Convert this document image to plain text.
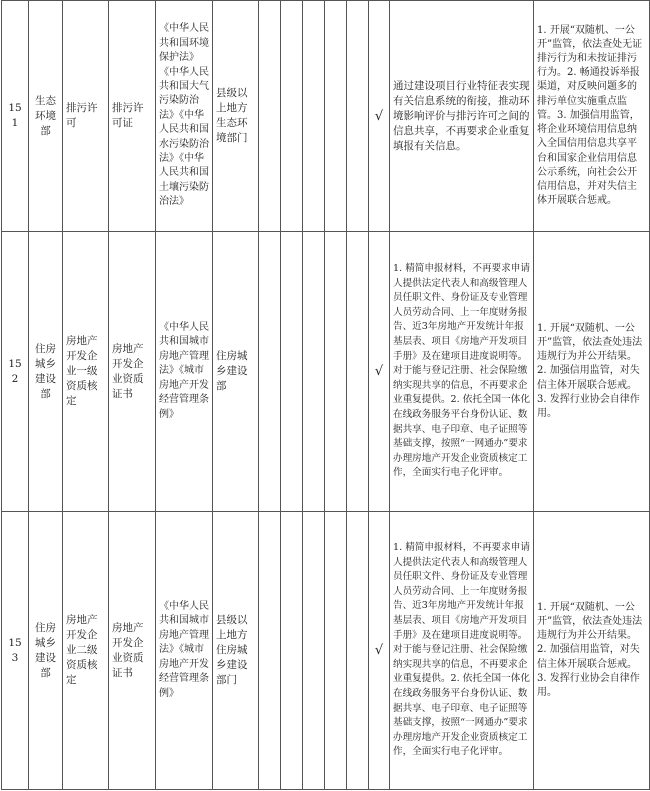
151	生态环境部	排污许可	排污许可证	《中华人民共和国环境保护法》《中华人民共和国大气污染防治法》《中华人民共和国水污染防治法》《中华人民共和国土壤污染防治法》	县级以上地方生态环境部门						√	通过建设项目行业特征表实现有关信息系统的衔接，推动环境影响评价与排污许可之间的信息共享，不再要求企业重复填报有关信息。	1. 开展“双随机、一公开”监管，依法查处无证排污行为和未按证排污行为。2. 畅通投诉举报渠道，对反映问题多的排污单位实施重点监管。3. 加强信用监管，将企业环境信用信息纳入全国信用信息共享平台和国家企业信用信息公示系统，向社会公开信用信息，并对失信主体开展联合惩戒。
152	住房城乡建设部	房地产开发企业一级资质核定	房地产开发企业资质证书	《中华人民共和国城市房地产管理法》《城市房地产开发经营管理条例》	住房城乡建设部						√	1. 精简申报材料，不再要求申请人提供法定代表人和高级管理人员任职文件、身份证及专业管理人员劳动合同、上一年度财务报告、近3年房地产开发统计年报基层表、项目《房地产开发项目手册》及在建项目进度说明等。对于能与登记注册、社会保险缴纳实现共享的信息，不再要求企业重复提供。2. 依托全国一体化在线政务服务平台身份认证、数据共享、电子印章、电子证照等基础支撑，按照“一网通办”要求办理房地产开发企业资质核定工作，全面实行电子化评审。	1. 开展“双随机、一公开”监管，依法查处违法违规行为并公开结果。2. 加强信用监管，对失信主体开展联合惩戒。3. 发挥行业协会自律作用。
153	住房城乡建设部	房地产开发企业二级资质核定	房地产开发企业资质证书	《中华人民共和国城市房地产管理法》《城市房地产开发经营管理条例》	县级以上地方住房城乡建设部门						√	1. 精简申报材料，不再要求申请人提供法定代表人和高级管理人员任职文件、身份证及专业管理人员劳动合同、上一年度财务报告、近3年房地产开发统计年报基层表、项目《房地产开发项目手册》及在建项目进度说明等。对于能与登记注册、社会保险缴纳实现共享的信息，不再要求企业重复提供。2. 依托全国一体化在线政务服务平台身份认证、数据共享、电子印章、电子证照等基础支撑，按照“一网通办”要求办理房地产开发企业资质核定工作，全面实行电子化评审。	1. 开展“双随机、一公开”监管，依法查处违法违规行为并公开结果。2. 加强信用监管，对失信主体开展联合惩戒。3. 发挥行业协会自律作用。
